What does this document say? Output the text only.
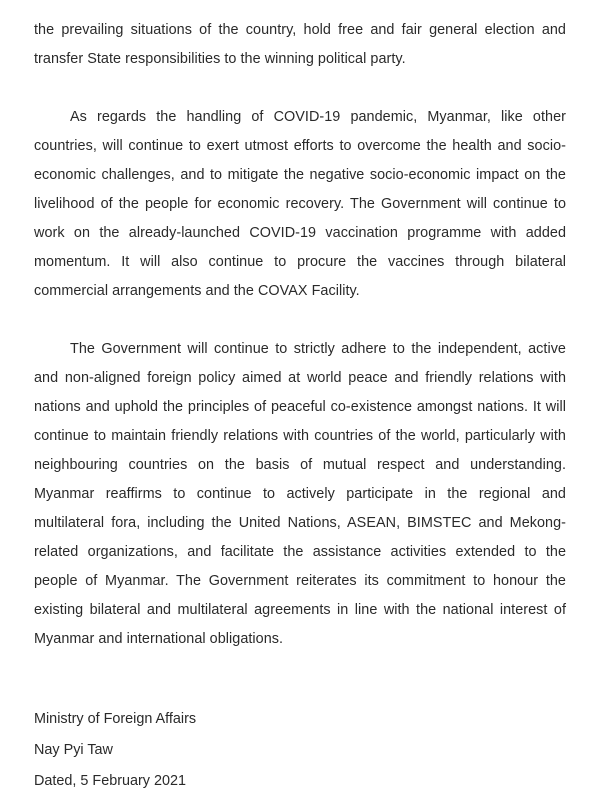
the prevailing situations of the country, hold free and fair general election and transfer State responsibilities to the winning political party.

As regards the handling of COVID-19 pandemic, Myanmar, like other countries, will continue to exert utmost efforts to overcome the health and socio-economic challenges, and to mitigate the negative socio-economic impact on the livelihood of the people for economic recovery. The Government will continue to work on the already-launched COVID-19 vaccination programme with added momentum. It will also continue to procure the vaccines through bilateral commercial arrangements and the COVAX Facility.

The Government will continue to strictly adhere to the independent, active and non-aligned foreign policy aimed at world peace and friendly relations with nations and uphold the principles of peaceful co-existence amongst nations. It will continue to maintain friendly relations with countries of the world, particularly with neighbouring countries on the basis of mutual respect and understanding. Myanmar reaffirms to continue to actively participate in the regional and multilateral fora, including the United Nations, ASEAN, BIMSTEC and Mekong-related organizations, and facilitate the assistance activities extended to the people of Myanmar. The Government reiterates its commitment to honour the existing bilateral and multilateral agreements in line with the national interest of Myanmar and international obligations.

Ministry of Foreign Affairs
Nay Pyi Taw
Dated, 5 February 2021
